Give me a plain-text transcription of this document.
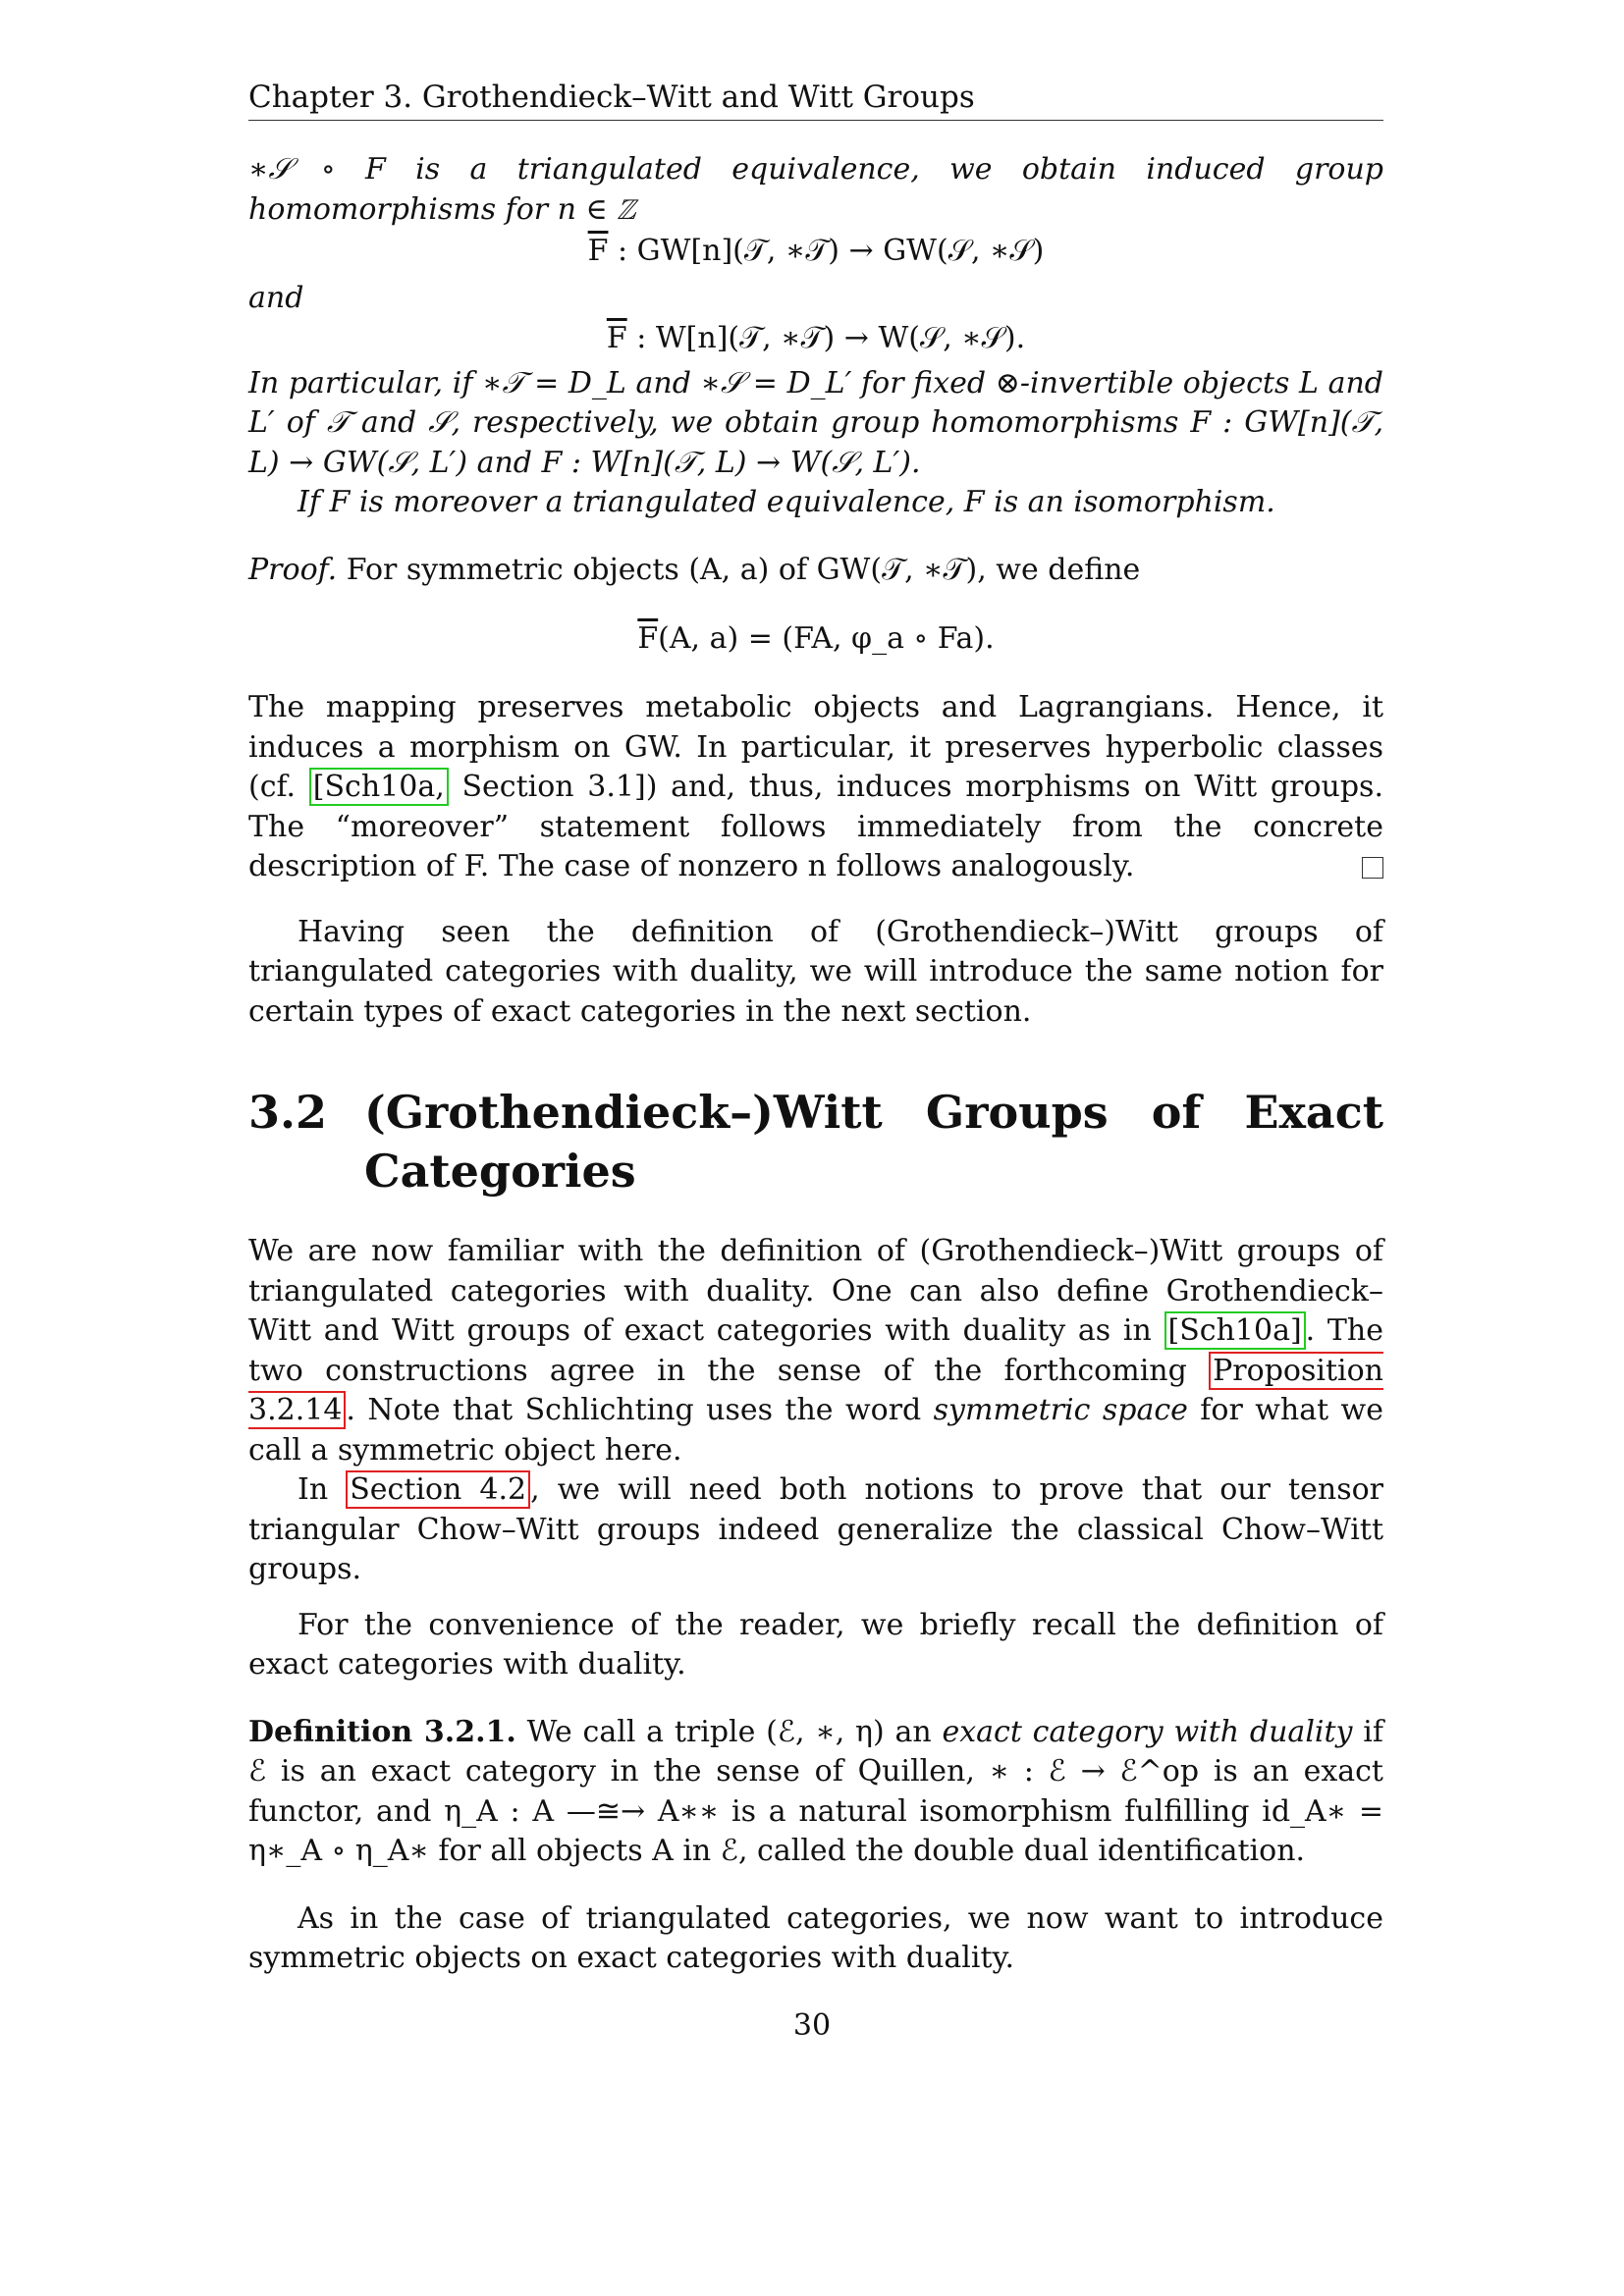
Chapter 3. Grothendieck–Witt and Witt Groups

∗𝒮 ∘ F is a triangulated equivalence, we obtain induced group homomorphisms for n ∈ ℤ

$\overline{F}$ : GW[n](𝒯, ∗𝒯) → GW(𝒮, ∗𝒮)

and

$\overline{F}$ : W[n](𝒯, ∗𝒯) → W(𝒮, ∗𝒮).

In particular, if ∗𝒯 = D_L and ∗𝒮 = D_L′ for fixed ⊗-invertible objects L and L′ of 𝒯 and 𝒮, respectively, we obtain group homomorphisms F : GW[n](𝒯, L) → GW(𝒮, L′) and F : W[n](𝒯, L) → W(𝒮, L′).

If F is moreover a triangulated equivalence, F is an isomorphism.

Proof. For symmetric objects (A, a) of GW(𝒯, ∗𝒯), we define

$\overline{F}(A$, a) = (FA, φ_a ∘ Fa).

The mapping preserves metabolic objects and Lagrangians. Hence, it induces a morphism on GW. In particular, it preserves hyperbolic classes (cf. [Sch10a, Section 3.1]) and, thus, induces morphisms on Witt groups. The “moreover” statement follows immediately from the concrete description of F. The case of nonzero n follows analogously.

Having seen the definition of (Grothendieck–)Witt groups of triangulated categories with duality, we will introduce the same notion for certain types of exact categories in the next section.

3.2 (Grothendieck–)Witt Groups of Exact Categories

We are now familiar with the definition of (Grothendieck–)Witt groups of triangulated categories with duality. One can also define Grothendieck–Witt and Witt groups of exact categories with duality as in [Sch10a] . The two constructions agree in the sense of the forthcoming Proposition 3.2.14 . Note that Schlichting uses the word symmetric space for what we call a symmetric object here.

In Section 4.2 , we will need both notions to prove that our tensor triangular Chow–Witt groups indeed generalize the classical Chow–Witt groups.

For the convenience of the reader, we briefly recall the definition of exact categories with duality.

Definition 3.2.1. We call a triple (ℰ, ∗, η) an exact category with duality if ℰ is an exact category in the sense of Quillen, ∗ : ℰ → ℰ^op is an exact functor, and η_A : A —≅→ A∗∗ is a natural isomorphism fulfilling id_A∗ = η∗_A ∘ η_A∗ for all objects A in ℰ, called the double dual identification.

As in the case of triangulated categories, we now want to introduce symmetric objects on exact categories with duality.

30
